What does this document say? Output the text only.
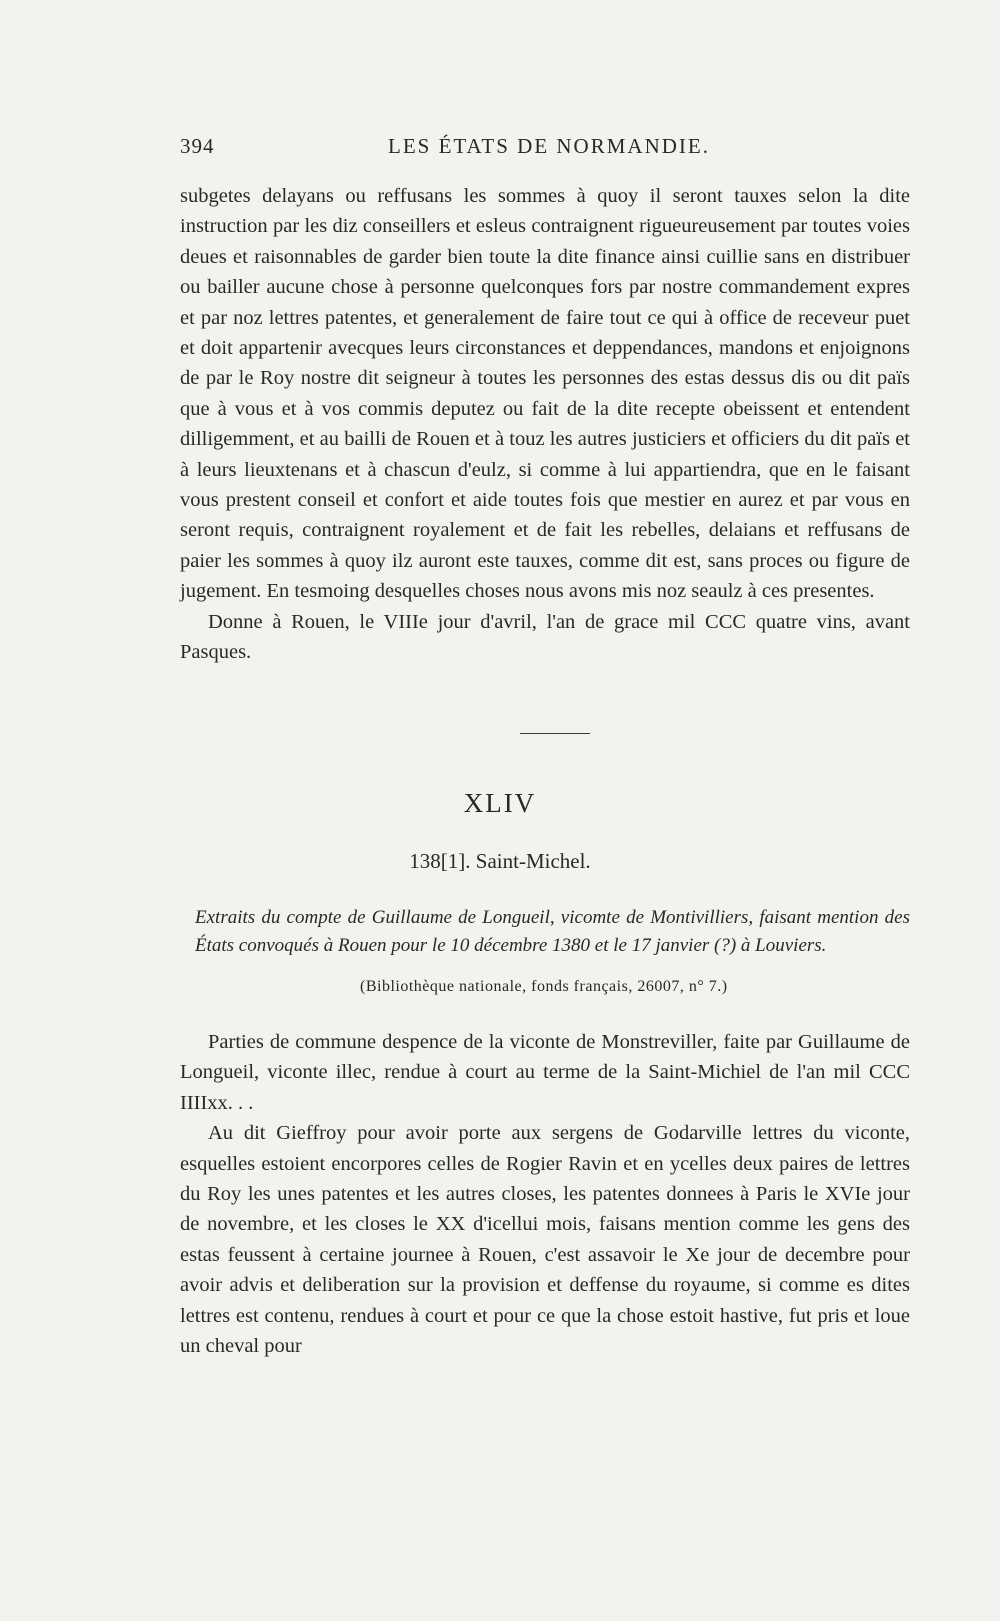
394	LES ÉTATS DE NORMANDIE.

subgetes delayans ou reffusans les sommes à quoy il seront tauxes selon la dite instruction par les diz conseillers et esleus contraignent rigueureusement par toutes voies deues et raisonnables de garder bien toute la dite finance ainsi cuillie sans en distribuer ou bailler aucune chose à personne quelconques fors par nostre commandement expres et par noz lettres patentes, et generalement de faire tout ce qui à office de receveur puet et doit appartenir avecques leurs circonstances et deppendances, mandons et enjoignons de par le Roy nostre dit seigneur à toutes les personnes des estas dessus dis ou dit païs que à vous et à vos commis deputez ou fait de la dite recepte obeissent et entendent dilligemment, et au bailli de Rouen et à touz les autres justiciers et officiers du dit païs et à leurs lieuxtenans et à chascun d'eulz, si comme à lui appartiendra, que en le faisant vous prestent conseil et confort et aide toutes fois que mestier en aurez et par vous en seront requis, contraignent royalement et de fait les rebelles, delaians et reffusans de paier les sommes à quoy ilz auront este tauxes, comme dit est, sans proces ou figure de jugement. En tesmoing desquelles choses nous avons mis noz seaulz à ces presentes.

Donne à Rouen, le VIIIe jour d'avril, l'an de grace mil CCC quatre vins, avant Pasques.

XLIV
138[1]. Saint-Michel.
Extraits du compte de Guillaume de Longueil, vicomte de Montivilliers, faisant mention des États convoqués à Rouen pour le 10 décembre 1380 et le 17 janvier (?) à Louviers.
(Bibliothèque nationale, fonds français, 26007, n° 7.)

Parties de commune despence de la viconte de Monstreviller, faite par Guillaume de Longueil, viconte illec, rendue à court au terme de la Saint-Michiel de l'an mil CCC IIIIxx. . .

Au dit Gieffroy pour avoir porte aux sergens de Godarville lettres du viconte, esquelles estoient encorpores celles de Rogier Ravin et en ycelles deux paires de lettres du Roy les unes patentes et les autres closes, les patentes donnees à Paris le XVIe jour de novembre, et les closes le XX d'icellui mois, faisans mention comme les gens des estas feussent à certaine journee à Rouen, c'est assavoir le Xe jour de decembre pour avoir advis et deliberation sur la provision et deffense du royaume, si comme es dites lettres est contenu, rendues à court et pour ce que la chose estoit hastive, fut pris et loue un cheval pour
